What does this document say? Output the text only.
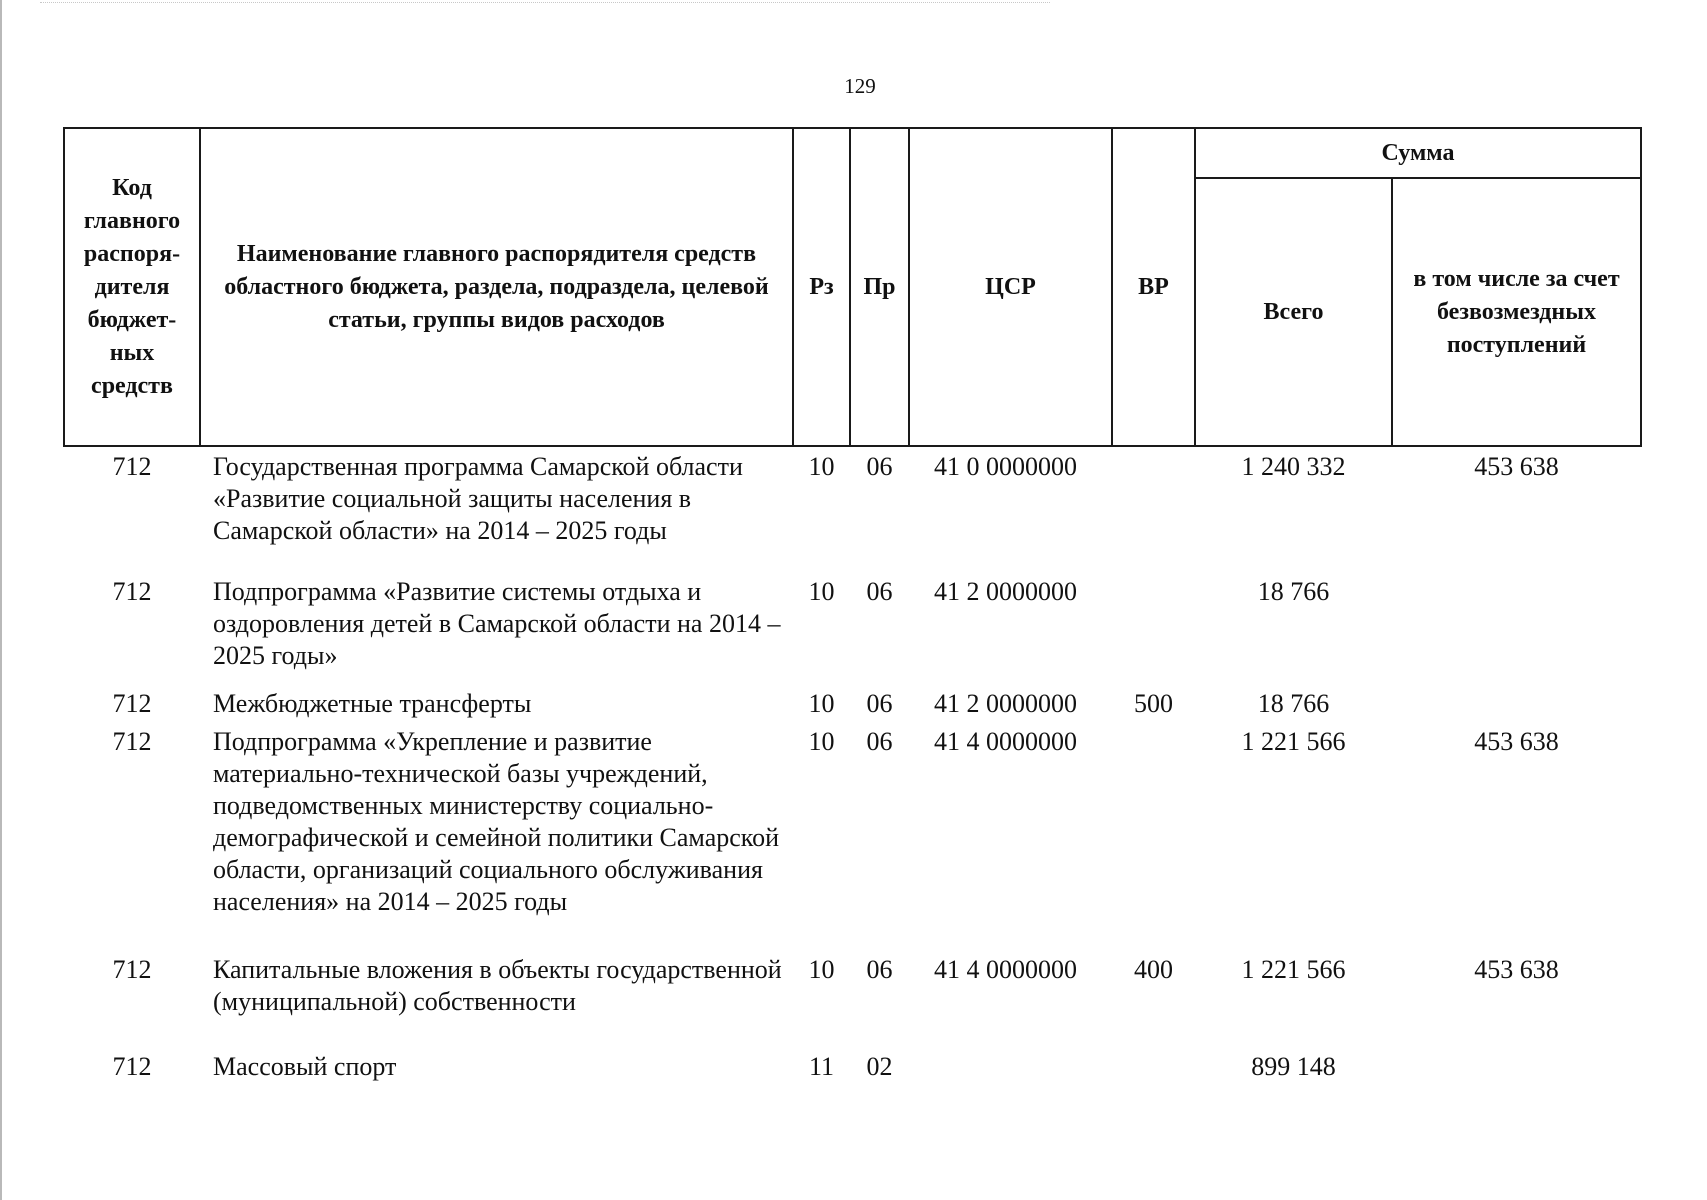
129
Код главного распоря-дителя бюджет-ных средств	Наименование главного распорядителя средств областного бюджета, раздела, подраздела, целевой статьи, группы видов расходов	Рз	Пр	ЦСР	ВР	Сумма	
						Всего	в том числе за счет безвозмездных поступлений
712	Государственная программа Самарской области «Развитие социальной защиты населения в Самарской области» на 2014 – 2025 годы	10	06	41 0 0000000		1 240 332	453 638
712	Подпрограмма «Развитие системы отдыха и оздоровления детей в Самарской области на 2014 – 2025 годы»	10	06	41 2 0000000		18 766	
712	Межбюджетные трансферты	10	06	41 2 0000000	500	18 766	
712	Подпрограмма «Укрепление и развитие материально-технической базы учреждений, подведомственных министерству социально-демографической и семейной политики Самарской области, организаций социального обслуживания населения» на 2014 – 2025 годы	10	06	41 4 0000000		1 221 566	453 638
712	Капитальные вложения в объекты государственной (муниципальной) собственности	10	06	41 4 0000000	400	1 221 566	453 638
712	Массовый спорт	11	02			899 148	
